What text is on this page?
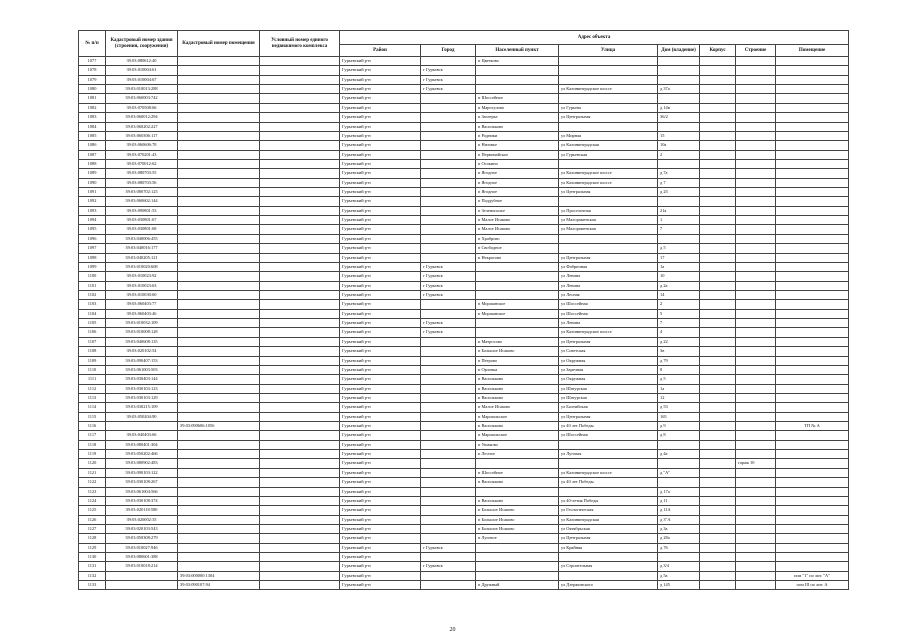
№ п/п	Кадастровый номер здания (строения, сооружения)	Кадастровый номер помещения	Условный номер единого недвижимого комплекса	Адрес объекта							
				Район	Город	Населенный пункт	Улица	Дом (владение)	Корпус	Строение	Помещение
1077	39:03:080612:40			Гурьевский р-н		п Цветково					
1078	39:03:010004:61			Гурьевский р-н	г Гурьевск						
1079	39:03:010004:67			Гурьевский р-н	г Гурьевск						
1080	39:03:010013:288			Гурьевский р-н	г Гурьевск		ул Калининградское шоссе	д 37а			
1081	39:03:060003:742			Гурьевский р-н		п Шоссейное					
1082	39:03:070508:66			Гурьевский р-н		п Марогулово	ул Гурьева	д 14в			
1083	39:03:060012:294			Гурьевский р-н		п Заозерье	ул Центральная	36/2			
1084	39:03:060202:227			Гурьевский р-н		п Васильково					
1085	39:03:060306:117			Гурьевский р-н		п Родники	ул Мирная	15			
1086	39:03:060606:78			Гурьевский р-н		п Низовье	ул Калининградская	10а			
1087	39:03:070201:43			Гурьевский р-н		п Первомайское	ул Гурьевская	2			
1088	39:03:070012:62			Гурьевский р-н		п Осокино					
1089	39:03:080703:55			Гурьевский р-н		п Ягодное	ул Калининградское шоссе	д 7а			
1090	39:03:080703:56			Гурьевский р-н		п Ягодное	ул Калининградское шоссе	д 7			
1091	39:03:080702:125			Гурьевский р-н		п Ягодное	ул Центральная	д 25			
1092	39:03:060602:144			Гурьевский р-н		п Поддубное					
1093	39:03:090801:53			Гурьевский р-н		п Зеленополье	ул Проселочная	21а			
1094	39:03:030801:67			Гурьевский р-н		п Малое Исаково	ул Малораменская	1			
1095	39:03:030801:68			Гурьевский р-н		п Малое Исаково	ул Малораменская	7			
1096	39:03:040006:455			Гурьевский р-н		п Храброво					
1097	39:03:040016:177			Гурьевский р-н		п Свободное		д 5			
1098	39:03:040205:121			Гурьевский р-н		п Некрасово	ул Центральная	17			
1099	39:03:010020:608			Гурьевский р-н	г Гурьевск		ул Фабричная	1а			
1100	39:03:010023:92			Гурьевский р-н	г Гурьевск		ул Ленина	10			
1101	39:03:010023:63			Гурьевский р-н	г Гурьевск		ул Ленина	д 2а			
1102	39:03:010030:60			Гурьевский р-н	г Гурьевск		ул Лесная	14			
1103	39:03:060403:77			Гурьевский р-н		п Моршанское	ул Шоссейная	2			
1104	39:03:060403:46			Гурьевский р-н		п Моршанское	ул Шоссейная	5			
1105	39:03:010032:109			Гурьевский р-н	г Гурьевск		ул Ленина	7			
1106	39:03:010008:128			Гурьевский р-н	г Гурьевск		ул Калининградское шоссе	4			
1107	39:03:040608:135			Гурьевский р-н		п Матросово	ул Центральная	д 22			
1108	39:03:020102:54			Гурьевский р-н		п Большое Исаково	ул Советская	3в			
1109	39:03:090407:153			Гурьевский р-н		п Петрово	ул Окружная	д 79			
1110	39:03:061003:503			Гурьевский р-н		п Орловка	ул Заречная	8			
1111	39:03:030403:144			Гурьевский р-н		п Васильково	ул Окружная	д 5			
1112	39:03:030103:123			Гурьевский р-н		п Васильково	ул Шатурская	1а			
1113	39:03:030103:129			Гурьевский р-н		п Васильково	ул Шатурская	12			
1114	39:03:030215:109			Гурьевский р-н		п Малое Исаково	ул Балтийская	д 53			
1115	39:03:050204:90			Гурьевский р-н		п Маршальское	ул Центральная	165			
1116		39:03:090606:1056		Гурьевский р-н		п Васильково	ул 40 лет Победы	д 9			ТП № А
1117	39:03:040403:66			Гурьевский р-н		п Маршальское	ул Шоссейная	д 8			
1118	39:03:080401:304			Гурьевский р-н		п Ушаково					
1119	39:03:050202:466			Гурьевский р-н		п Лесное	ул Луговая	д 4а			
1120	39:03:080902:483			Гурьевский р-н						гараж 10	
1121	39:03:090103:122			Гурьевский р-н		п Шоссейное	ул Калининградское шоссе	д "А"			
1122	39:03:030108:267			Гурьевский р-н		п Васильково	ул 40 лет Победы				
1123	39:03:061004:566			Гурьевский р-н				д 17а			
1124	39:03:030108:374			Гурьевский р-н		п Васильково	ул 40-летия Победы	д 11			
1125	39:03:020118:580			Гурьевский р-н		п Большое Исаково	ул Геологическая	д 11А			
1126	39:03:020002:35			Гурьевский р-н		п Большое Исаково	ул Калининградская	д 3"А			
1127	39:03:020103:543			Гурьевский р-н		п Большое Исаково	ул Октябрьская	д 3а			
1128	39:03:050308:279			Гурьевский р-н		п Луговое	ул Центральная	д 28а			
1129	39:03:010027:946			Гурьевский р-н	г Гурьевск		ул Крайняя	д 76			
1130	39:03:080601:388			Гурьевский р-н							
1131	39:03:010018:214			Гурьевский р-н	г Гурьевск		ул Строительная	д 3/4			
1132		39:03:000000:1304		Гурьевский р-н				д 5а			пом "1" по лит. "А"
1133		39:03:090107:94		Гурьевский р-н		п Дружный	ул Дзержинского	д 145			пом III по лит. А
20
